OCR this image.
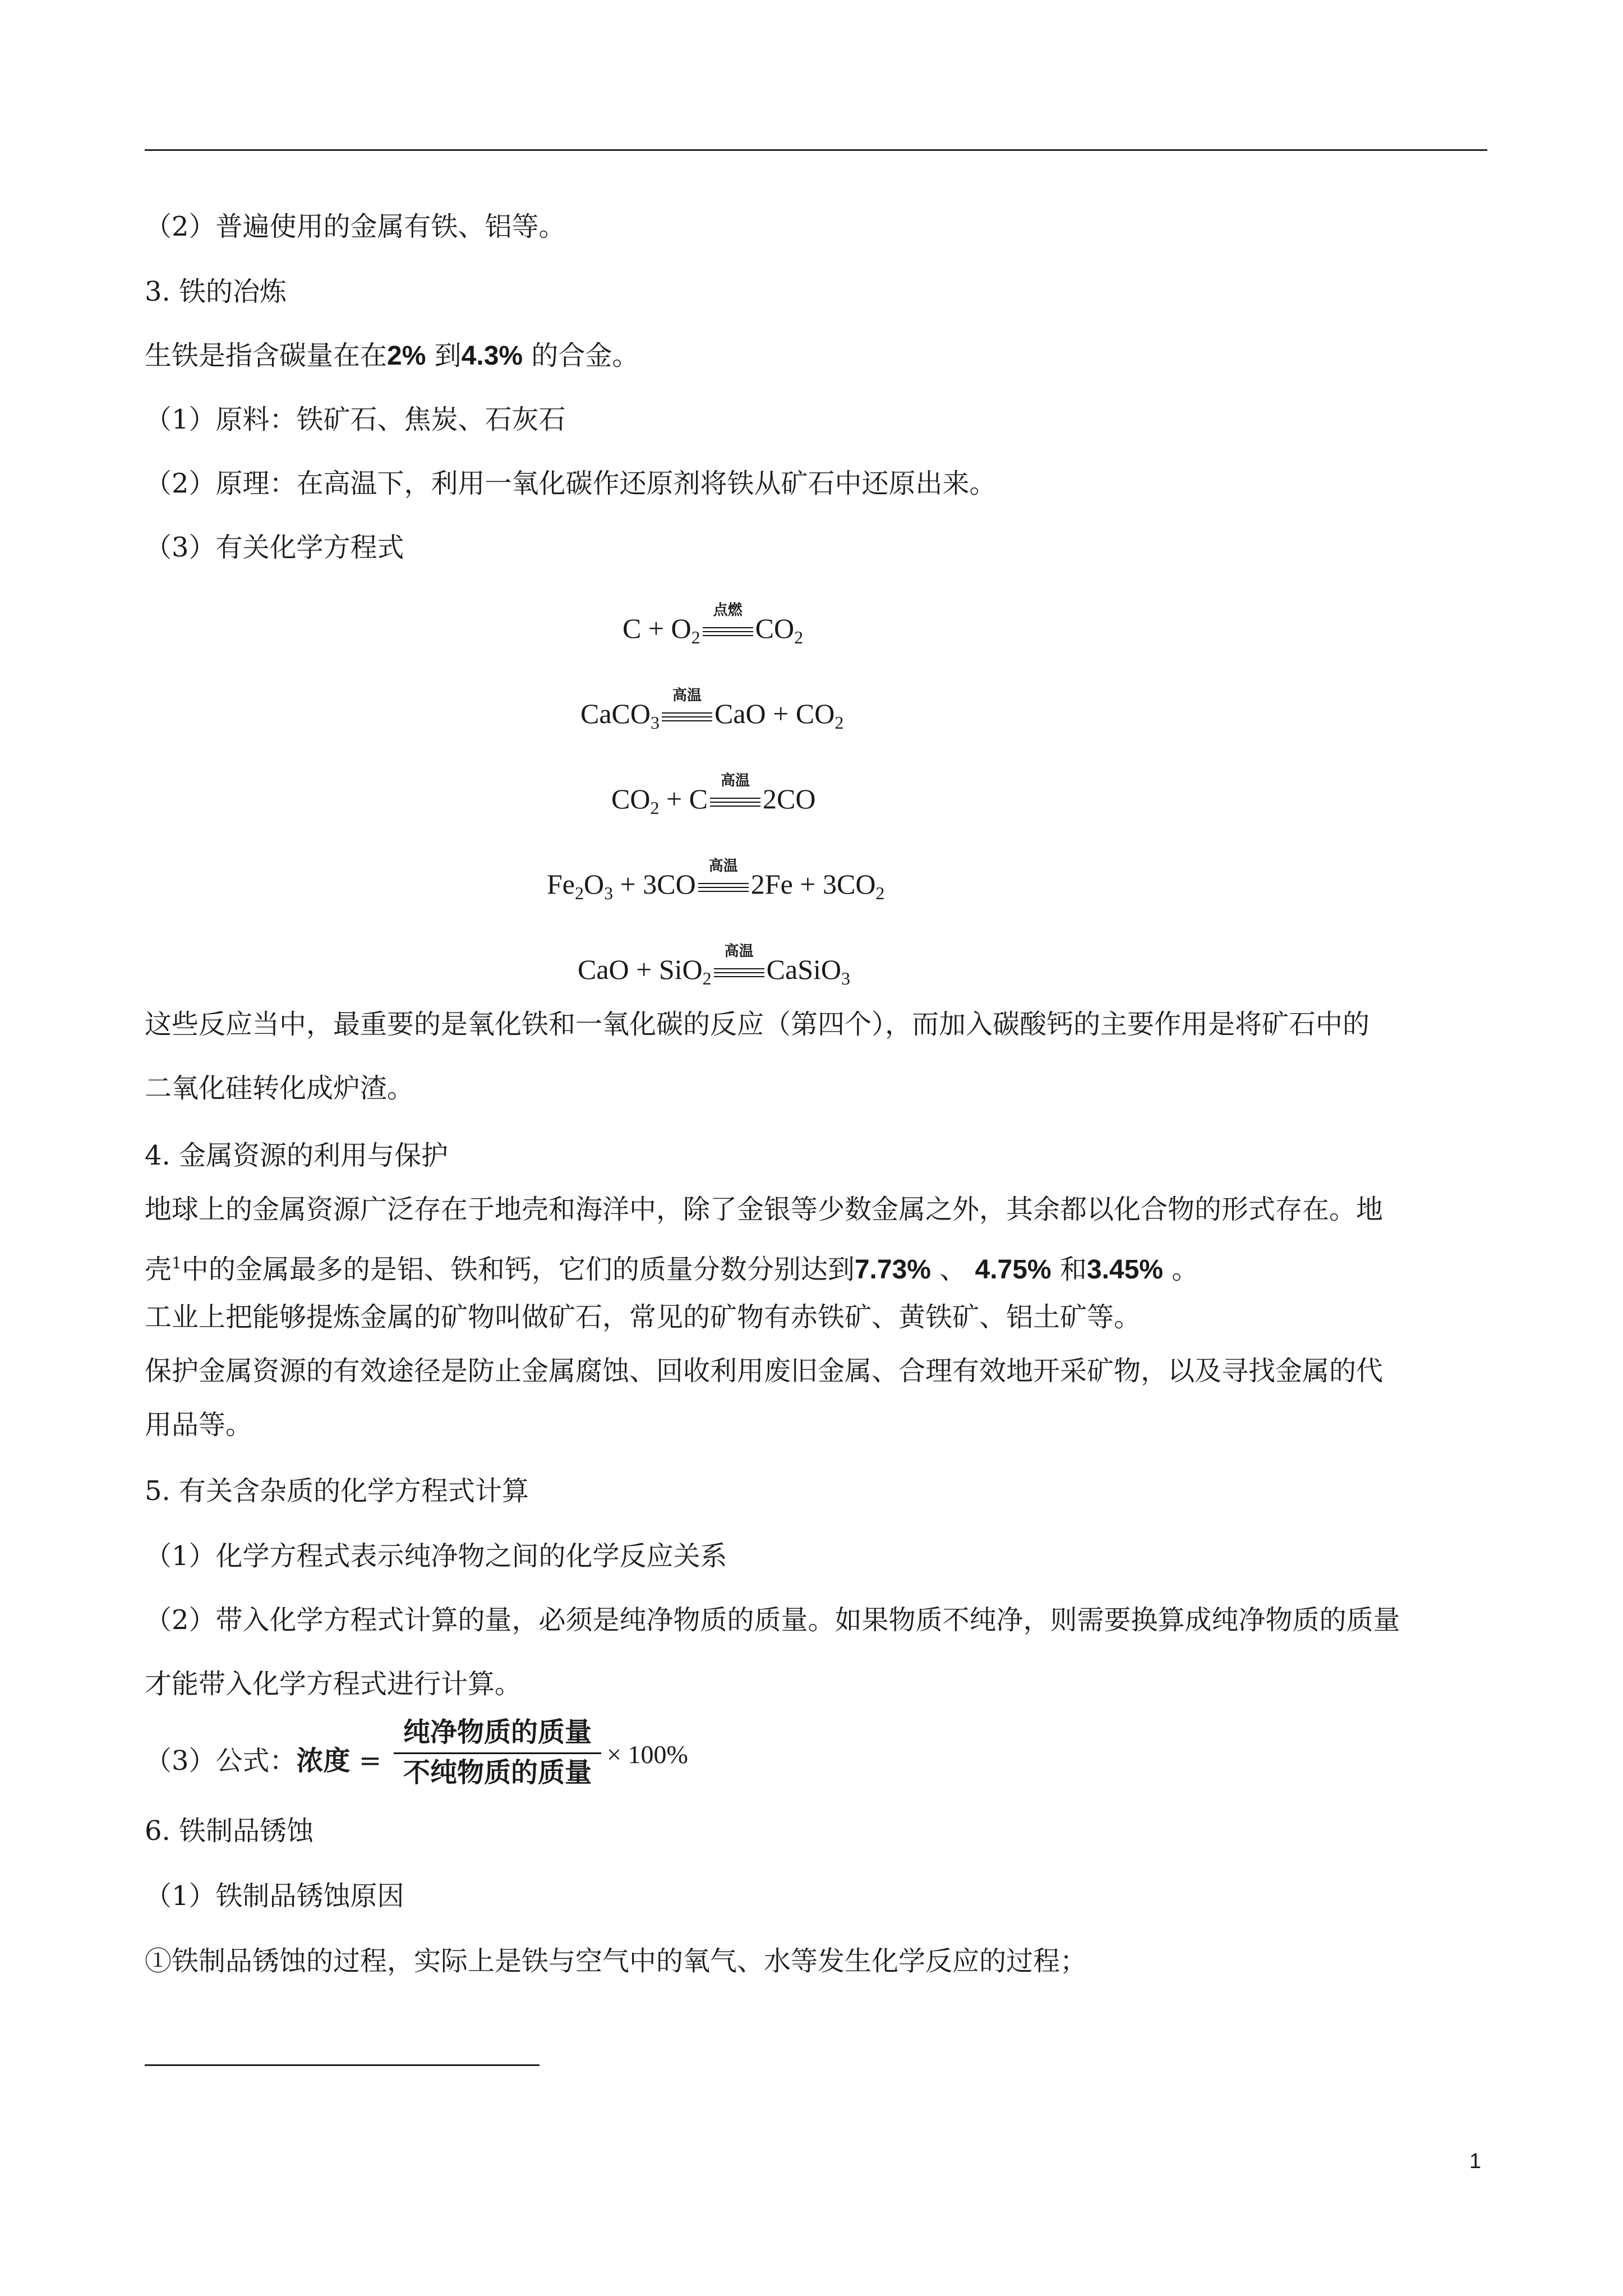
（2）普遍使用的金属有铁、铝等。
3. 铁的冶炼
生铁是指含碳量在在2% 到4.3% 的合金。
（1）原料：铁矿石、焦炭、石灰石
（2）原理：在高温下，利用一氧化碳作还原剂将铁从矿石中还原出来。
（3）有关化学方程式
$C + O_2$
点燃
$CO_2$
CaCO$_3$
高温
CaO + $CO_2$
$CO_2 + C$
高温
2CO
$Fe_2O_3 + 3CO$
高温
$2Fe + 3CO_2$
CaO + SiO$_2$
高温
CaSiO$_3$
这些反应当中，最重要的是氧化铁和一氧化碳的反应（第四个），而加入碳酸钙的主要作用是将矿石中的
二氧化硅转化成炉渣。
4. 金属资源的利用与保护
地球上的金属资源广泛存在于地壳和海洋中，除了金银等少数金属之外，其余都以化合物的形式存在。地
壳$^1$中的金属最多的是铝、铁和钙，它们的质量分数分别达到7.73% 、 4.75% 和3.45% 。
工业上把能够提炼金属的矿物叫做矿石，常见的矿物有赤铁矿、黄铁矿、铝土矿等。
保护金属资源的有效途径是防止金属腐蚀、回收利用废旧金属、合理有效地开采矿物，以及寻找金属的代
用品等。
5. 有关含杂质的化学方程式计算
（1）化学方程式表示纯净物之间的化学反应关系
（2）带入化学方程式计算的量，必须是纯净物质的质量。如果物质不纯净，则需要换算成纯净物质的质量
才能带入化学方程式进行计算。
（3）公式：浓度 =
纯净物质的质量
不纯物质的质量
× 100%
6. 铁制品锈蚀
（1）铁制品锈蚀原因
①铁制品锈蚀的过程，实际上是铁与空气中的氧气、水等发生化学反应的过程；
1
